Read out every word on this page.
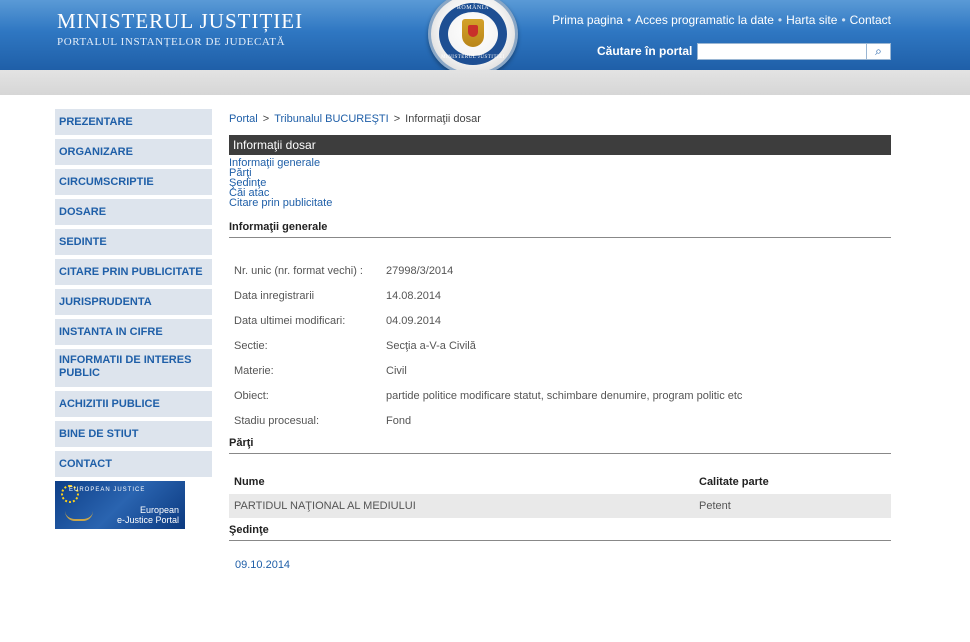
MINISTERUL JUSTIȚIEI
PORTALUL INSTANȚELOR DE JUDECATĂ
ROMÂNIA
MINISTERUL JUSTIȚIEI
Prima pagina • Acces programatic la date • Harta site • Contact
Căutare în portal	⌕
PREZENTARE
ORGANIZARE
CIRCUMSCRIPTIE
DOSARE
SEDINTE
CITARE PRIN PUBLICITATE
JURISPRUDENTA
INSTANTA IN CIFRE
INFORMATII DE INTERES PUBLIC
ACHIZITII PUBLICE
BINE DE STIUT
CONTACT
EUROPEAN JUSTICE
European
e-Justice Portal
Portal > Tribunalul BUCUREŞTI > Informaţii dosar
Informaţii dosar
Informaţii generale
Părţi
Şedinţe
Căi atac
Citare prin publicitate
Informaţii generale
Nr. unic (nr. format vechi) :	27998/3/2014
Data inregistrarii	14.08.2014
Data ultimei modificari:	04.09.2014
Sectie:	Secţia a-V-a Civilă
Materie:	Civil
Obiect:	partide politice modificare statut, schimbare denumire, program politic etc
Stadiu procesual:	Fond
Părţi
Nume	Calitate parte
PARTIDUL NAŢIONAL AL MEDIULUI	Petent
Şedinţe
09.10.2014
